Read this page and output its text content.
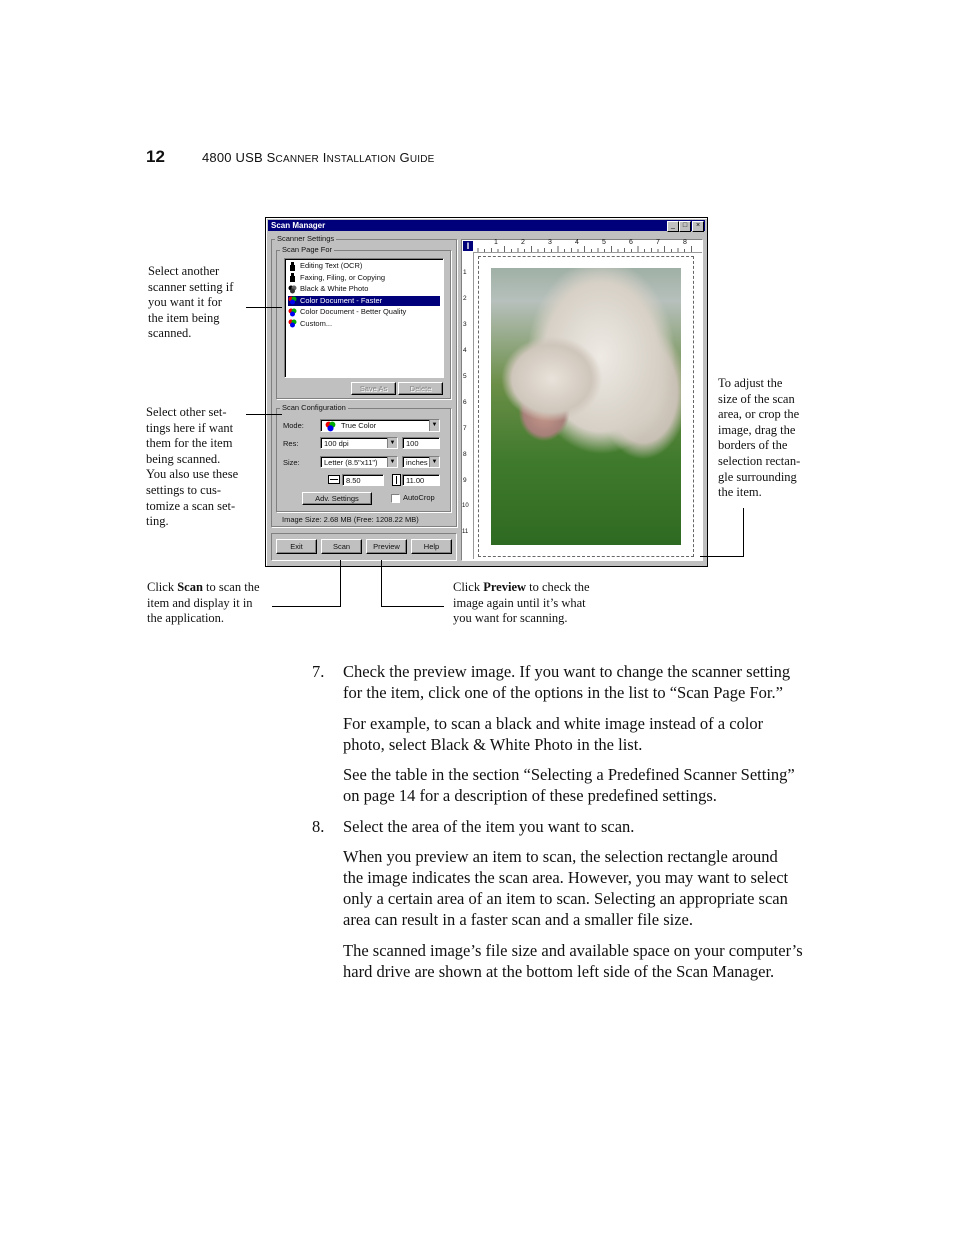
12	4800 USB SCANNER INSTALLATION GUIDE
Scan Manager	_	□	×
Scanner Settings
Scan Page For
Editing Text (OCR)
Faxing, Filing, or Copying
Black & White Photo
Color Document - Faster
Color Document - Better Quality
Custom...
Save As	Delete
Scan Configuration
Mode:	True Color	▼
Res:	100 dpi	▼	100
Size:	Letter (8.5"x11")	▼	inches ▼
8.50	11.00
Adv. Settings	AutoCrop
Image Size: 2.68 MB (Free: 1208.22 MB)
Exit	Scan	Preview	Help
I	1	2	3	4	5	6	7	8
1
2
3
4
5
6
7
8
9
10
11
Select another
scanner setting if
you want it for
the item being
scanned.
Select other set-
tings here if want
them for the item
being scanned.
You also use these
settings to cus-
tomize a scan set-
ting.
To adjust the
size of the scan
area, or crop the
image, drag the
borders of the
selection rectan-
gle surrounding
the item.
Click Scan to scan the
item and display it in
the application.
Click Preview to check the
image again until it’s what
you want for scanning.
7. Check the preview image. If you want to change the scanner setting
for the item, click one of the options in the list to “Scan Page For.”
For example, to scan a black and white image instead of a color
photo, select Black & White Photo in the list.
See the table in the section “Selecting a Predefined Scanner Setting”
on page 14 for a description of these predefined settings.
8. Select the area of the item you want to scan.
When you preview an item to scan, the selection rectangle around
the image indicates the scan area. However, you may want to select
only a certain area of an item to scan. Selecting an appropriate scan
area can result in a faster scan and a smaller file size.
The scanned image’s file size and available space on your computer’s
hard drive are shown at the bottom left side of the Scan Manager.
